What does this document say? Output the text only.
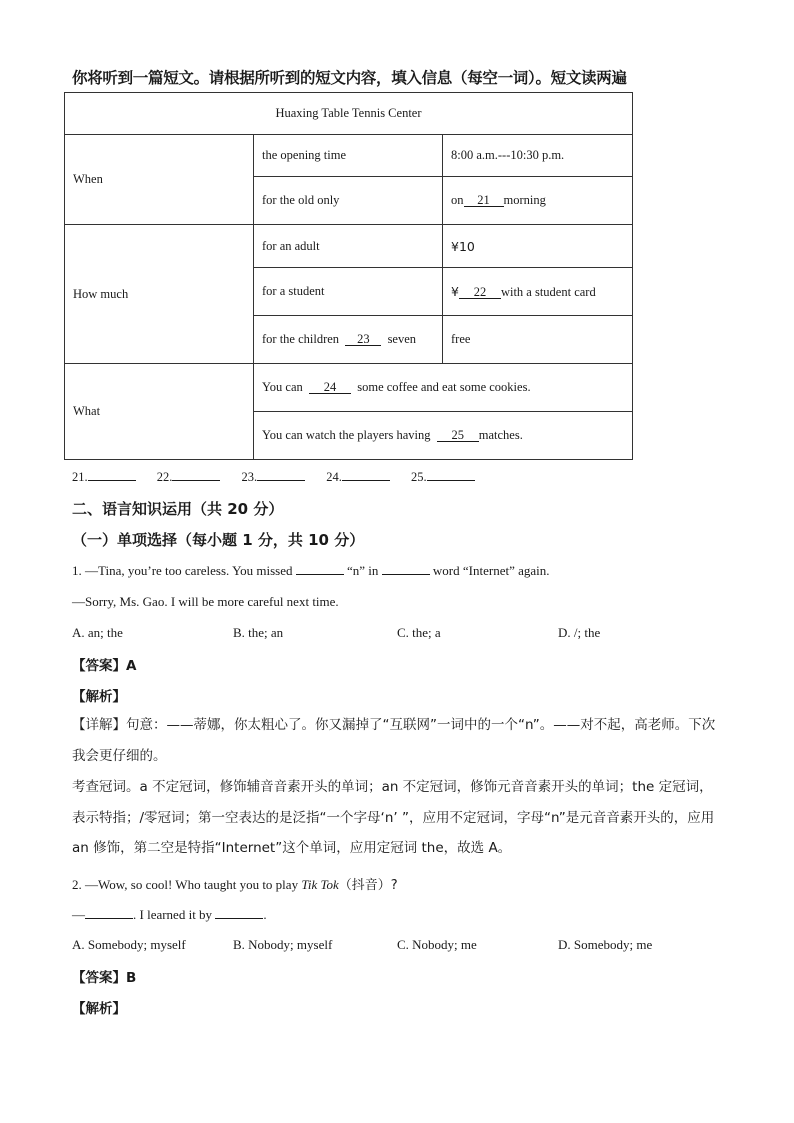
你将听到一篇短文。请根据所听到的短文内容，填入信息（每空一词）。短文读两遍
Huaxing Table Tennis Center		
When	the opening time	8:00 a.m.---10:30 p.m.
	for the old only	on 21 morning
How much	for an adult	¥10
	for a student	¥ 22 with a student card
	for the children 23 seven	free
What	You can 24 some coffee and eat some cookies.	
	You can watch the players having 25 matches.	
21.	22.	23.	24.	25.
二、语言知识运用（共 20 分）
（一）单项选择（每小题 1 分，共 10 分）
1. —Tina, you’re too careless. You missed	“n” in	word “Internet” again.
—Sorry, Ms. Gao. I will be more careful next time.
A. an; the	B. the; an	C. the; a	D. /; the
【答案】A
【解析】
【详解】句意：——蒂娜，你太粗心了。你又漏掉了“互联网”一词中的一个“n”。——对不起，高老师。下次我会更仔细的。
考查冠词。a 不定冠词，修饰辅音音素开头的单词；an 不定冠词，修饰元音音素开头的单词；the 定冠词，表示特指；/零冠词；第一空表达的是泛指“一个字母‘n’ ”，应用不定冠词，字母“n”是元音音素开头的，应用 an 修饰，第二空是特指“Internet”这个单词，应用定冠词 the，故选 A。
2. —Wow, so cool! Who taught you to play Tik Tok（抖音）?
—	. I learned it by	.
A. Somebody; myself	B. Nobody; myself	C. Nobody; me	D. Somebody; me
【答案】B
【解析】
